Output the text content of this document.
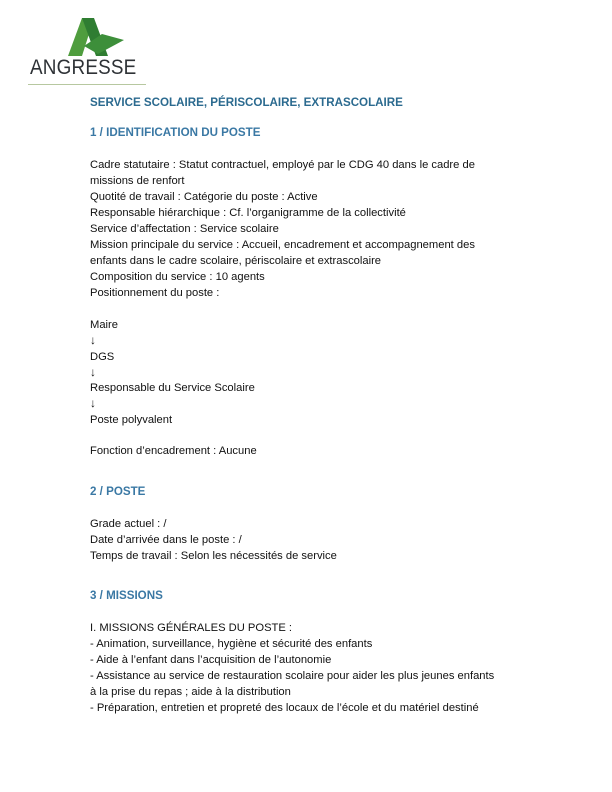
ANGRESSE

SERVICE SCOLAIRE, PÉRISCOLAIRE, EXTRASCOLAIRE

1 / IDENTIFICATION DU POSTE

Cadre statutaire : Statut contractuel, employé par le CDG 40 dans le cadre de missions de renfort

Quotité de travail : Catégorie du poste : Active

Responsable hiérarchique : Cf. l’organigramme de la collectivité

Service d’affectation : Service scolaire

Mission principale du service : Accueil, encadrement et accompagnement des enfants dans le cadre scolaire, périscolaire et extrascolaire

Composition du service : 10 agents

Positionnement du poste :

Maire

↓

DGS

↓

Responsable du Service Scolaire

↓

Poste polyvalent

Fonction d’encadrement : Aucune

2 / POSTE

Grade actuel : /

Date d’arrivée dans le poste : /

Temps de travail : Selon les nécessités de service

3 / MISSIONS

I. MISSIONS GÉNÉRALES DU POSTE :

- Animation, surveillance, hygiène et sécurité des enfants

- Aide à l’enfant dans l’acquisition de l’autonomie

- Assistance au service de restauration scolaire pour aider les plus jeunes enfants à la prise du repas ; aide à la distribution

- Préparation, entretien et propreté des locaux de l’école et du matériel destiné
